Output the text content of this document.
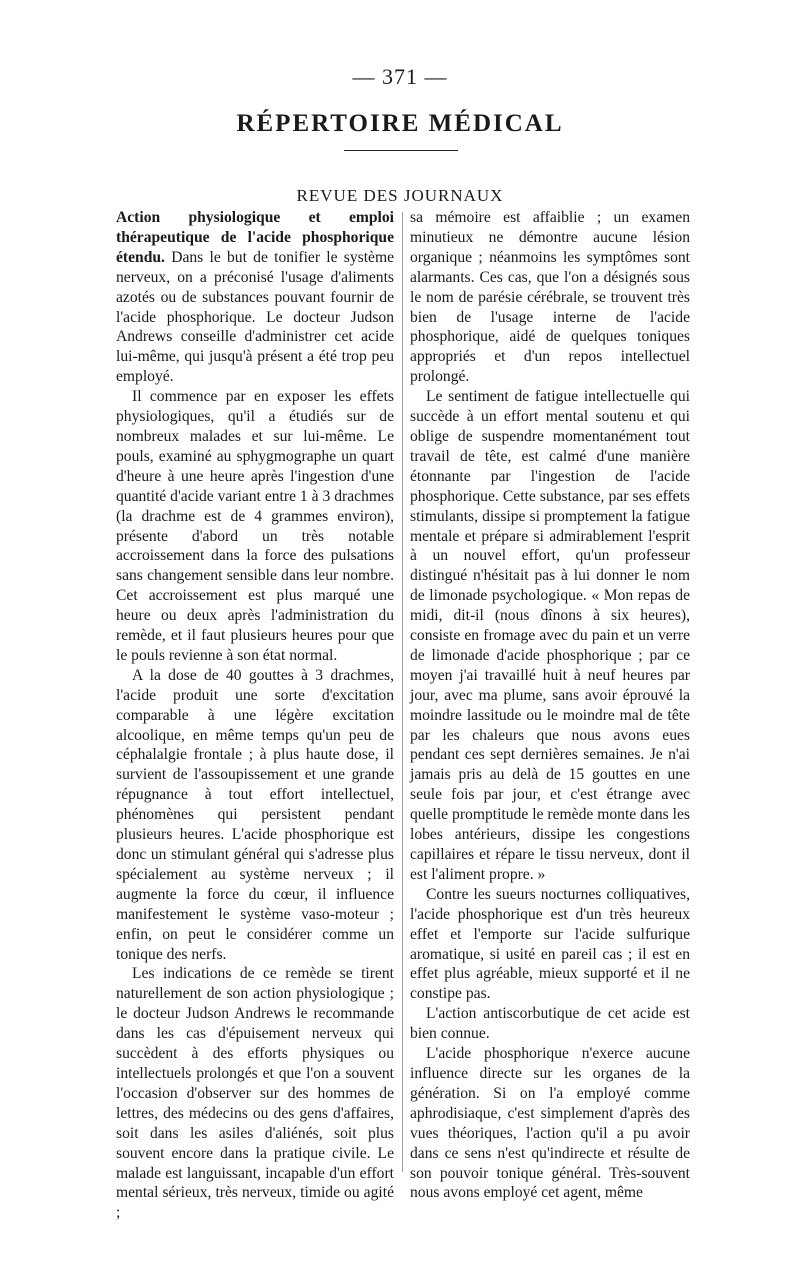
— 371 —
RÉPERTOIRE MÉDICAL
REVUE DES JOURNAUX

Action physiologique et emploi thérapeutique de l'acide phosphorique étendu. Dans le but de tonifier le système nerveux, on a préconisé l'usage d'aliments azotés ou de substances pouvant fournir de l'acide phosphorique. Le docteur Judson Andrews conseille d'administrer cet acide lui-même, qui jusqu'à présent a été trop peu employé.

Il commence par en exposer les effets physiologiques, qu'il a étudiés sur de nombreux malades et sur lui-même. Le pouls, examiné au sphygmographe un quart d'heure à une heure après l'ingestion d'une quantité d'acide variant entre 1 à 3 drachmes (la drachme est de 4 grammes environ), présente d'abord un très notable accroissement dans la force des pulsations sans changement sensible dans leur nombre. Cet accroissement est plus marqué une heure ou deux après l'administration du remède, et il faut plusieurs heures pour que le pouls revienne à son état normal.

A la dose de 40 gouttes à 3 drachmes, l'acide produit une sorte d'excitation comparable à une légère excitation alcoolique, en même temps qu'un peu de céphalalgie frontale ; à plus haute dose, il survient de l'assoupissement et une grande répugnance à tout effort intellectuel, phénomènes qui persistent pendant plusieurs heures. L'acide phosphorique est donc un stimulant général qui s'adresse plus spécialement au système nerveux ; il augmente la force du cœur, il influence manifestement le système vaso-moteur ; enfin, on peut le considérer comme un tonique des nerfs.

Les indications de ce remède se tirent naturellement de son action physiologique ; le docteur Judson Andrews le recommande dans les cas d'épuisement nerveux qui succèdent à des efforts physiques ou intellectuels prolongés et que l'on a souvent l'occasion d'observer sur des hommes de lettres, des médecins ou des gens d'affaires, soit dans les asiles d'aliénés, soit plus souvent encore dans la pratique civile. Le malade est languissant, incapable d'un effort mental sérieux, très nerveux, timide ou agité ;

sa mémoire est affaiblie ; un examen minutieux ne démontre aucune lésion organique ; néanmoins les symptômes sont alarmants. Ces cas, que l'on a désignés sous le nom de parésie cérébrale, se trouvent très bien de l'usage interne de l'acide phosphorique, aidé de quelques toniques appropriés et d'un repos intellectuel prolongé.

Le sentiment de fatigue intellectuelle qui succède à un effort mental soutenu et qui oblige de suspendre momentanément tout travail de tête, est calmé d'une manière étonnante par l'ingestion de l'acide phosphorique. Cette substance, par ses effets stimulants, dissipe si promptement la fatigue mentale et prépare si admirablement l'esprit à un nouvel effort, qu'un professeur distingué n'hésitait pas à lui donner le nom de limonade psychologique. « Mon repas de midi, dit-il (nous dînons à six heures), consiste en fromage avec du pain et un verre de limonade d'acide phosphorique ; par ce moyen j'ai travaillé huit à neuf heures par jour, avec ma plume, sans avoir éprouvé la moindre lassitude ou le moindre mal de tête par les chaleurs que nous avons eues pendant ces sept dernières semaines. Je n'ai jamais pris au delà de 15 gouttes en une seule fois par jour, et c'est étrange avec quelle promptitude le remède monte dans les lobes antérieurs, dissipe les congestions capillaires et répare le tissu nerveux, dont il est l'aliment propre. »

Contre les sueurs nocturnes colliquatives, l'acide phosphorique est d'un très heureux effet et l'emporte sur l'acide sulfurique aromatique, si usité en pareil cas ; il est en effet plus agréable, mieux supporté et il ne constipe pas.

L'action antiscorbutique de cet acide est bien connue.

L'acide phosphorique n'exerce aucune influence directe sur les organes de la génération. Si on l'a employé comme aphrodisiaque, c'est simplement d'après des vues théoriques, l'action qu'il a pu avoir dans ce sens n'est qu'indirecte et résulte de son pouvoir tonique général. Très-souvent nous avons employé cet agent, même
